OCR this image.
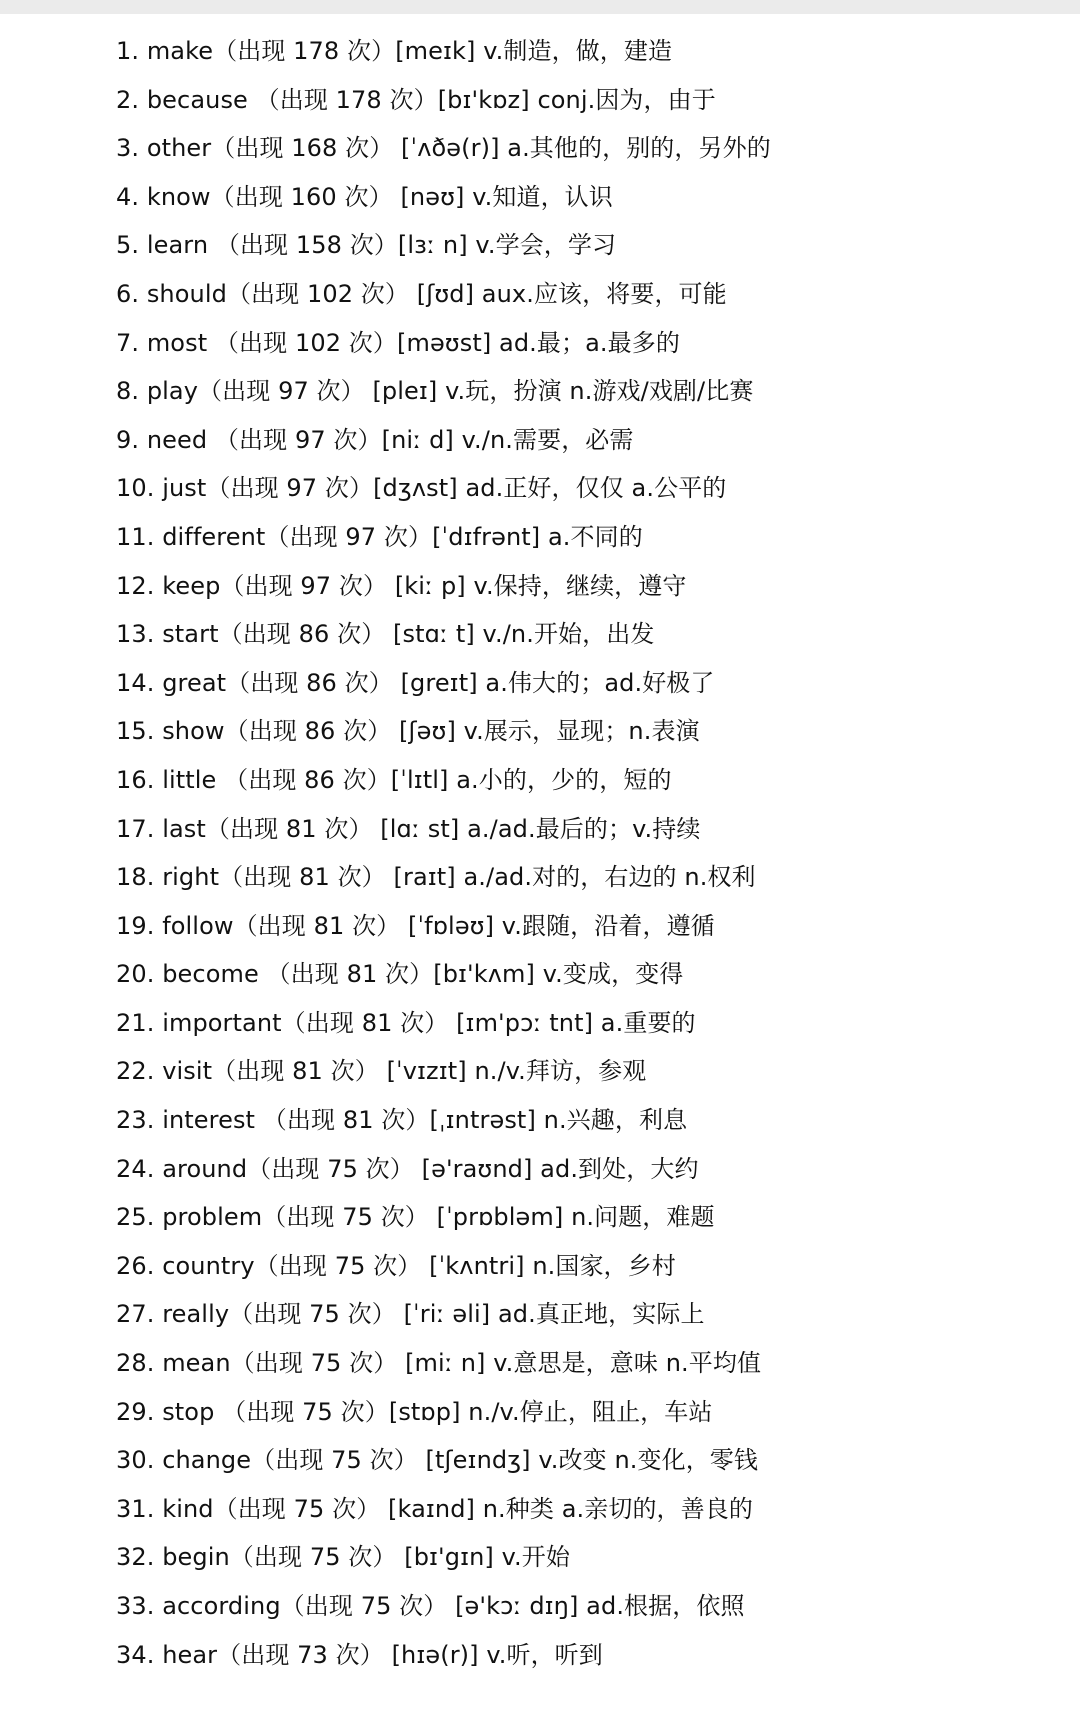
1. make（出现 178 次）[meɪk] v.制造，做，建造
2. because （出现 178 次）[bɪ'kɒz] conj.因为，由于
3. other（出现 168 次） [ˈʌðə(r)] a.其他的，别的，另外的
4. know（出现 160 次） [nəʊ] v.知道，认识
5. learn （出现 158 次）[lɜː n] v.学会，学习
6. should（出现 102 次） [ʃʊd] aux.应该，将要，可能
7. most （出现 102 次）[məʊst] ad.最；a.最多的
8. play（出现 97 次） [pleɪ] v.玩，扮演 n.游戏/戏剧/比赛
9. need （出现 97 次）[niː d] v./n.需要，必需
10. just（出现 97 次）[dʒʌst] ad.正好，仅仅 a.公平的
11. different（出现 97 次）[ˈdɪfrənt] a.不同的
12. keep（出现 97 次） [kiː p] v.保持，继续，遵守
13. start（出现 86 次） [stɑː t] v./n.开始，出发
14. great（出现 86 次） [greɪt] a.伟大的；ad.好极了
15. show（出现 86 次） [ʃəʊ] v.展示，显现；n.表演
16. little （出现 86 次）[ˈlɪtl] a.小的，少的，短的
17. last（出现 81 次） [lɑː st] a./ad.最后的；v.持续
18. right（出现 81 次） [raɪt] a./ad.对的，右边的 n.权利
19. follow（出现 81 次） [ˈfɒləʊ] v.跟随，沿着，遵循
20. become （出现 81 次）[bɪ'kʌm] v.变成，变得
21. important（出现 81 次） [ɪm'pɔː tnt] a.重要的
22. visit（出现 81 次） [ˈvɪzɪt] n./v.拜访，参观
23. interest （出现 81 次）[ˌɪntrəst] n.兴趣，利息
24. around（出现 75 次） [ə'raʊnd] ad.到处，大约
25. problem（出现 75 次） [ˈprɒbləm] n.问题，难题
26. country（出现 75 次） [ˈkʌntri] n.国家，乡村
27. really（出现 75 次） [ˈriː əli] ad.真正地，实际上
28. mean（出现 75 次） [miː n] v.意思是，意味 n.平均值
29. stop （出现 75 次）[stɒp] n./v.停止，阻止，车站
30. change（出现 75 次） [tʃeɪndʒ] v.改变 n.变化，零钱
31. kind（出现 75 次） [kaɪnd] n.种类 a.亲切的，善良的
32. begin（出现 75 次） [bɪ'gɪn] v.开始
33. according（出现 75 次） [ə'kɔː dɪŋ] ad.根据，依照
34. hear（出现 73 次） [hɪə(r)] v.听，听到
